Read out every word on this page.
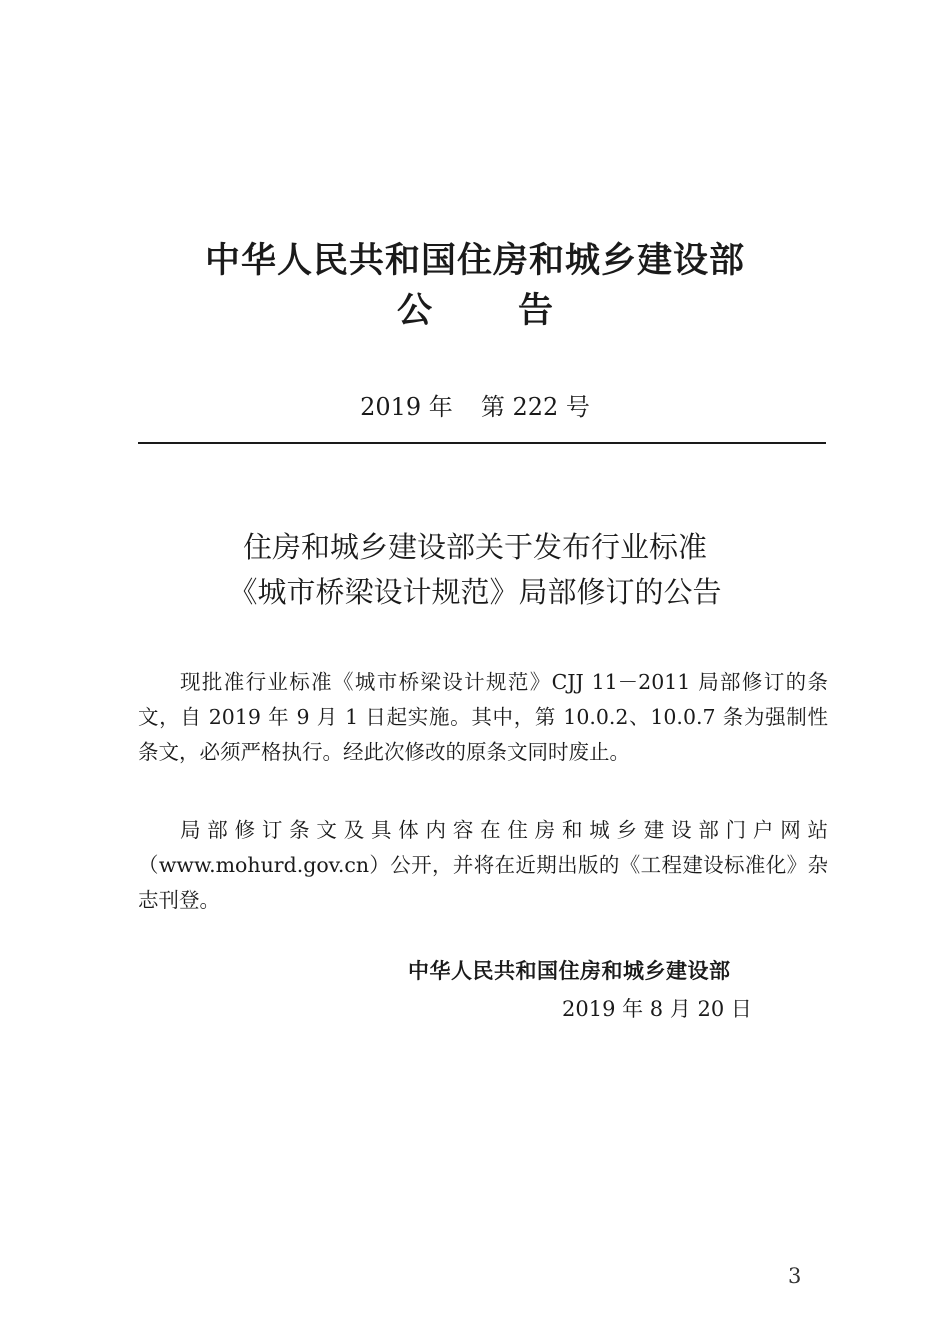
中华人民共和国住房和城乡建设部
公 告
2019 年 第 222 号
住房和城乡建设部关于发布行业标准
《城市桥梁设计规范》局部修订的公告
现批准行业标准《城市桥梁设计规范》CJJ 11－2011 局部修订的条文，自 2019 年 9 月 1 日起实施。其中，第 10.0.2、10.0.7 条为强制性条文，必须严格执行。经此次修改的原条文同时废止。
局部修订条文及具体内容在住房和城乡建设部门户网站（www.mohurd.gov.cn）公开，并将在近期出版的《工程建设标准化》杂志刊登。
中华人民共和国住房和城乡建设部
2019 年 8 月 20 日
3
